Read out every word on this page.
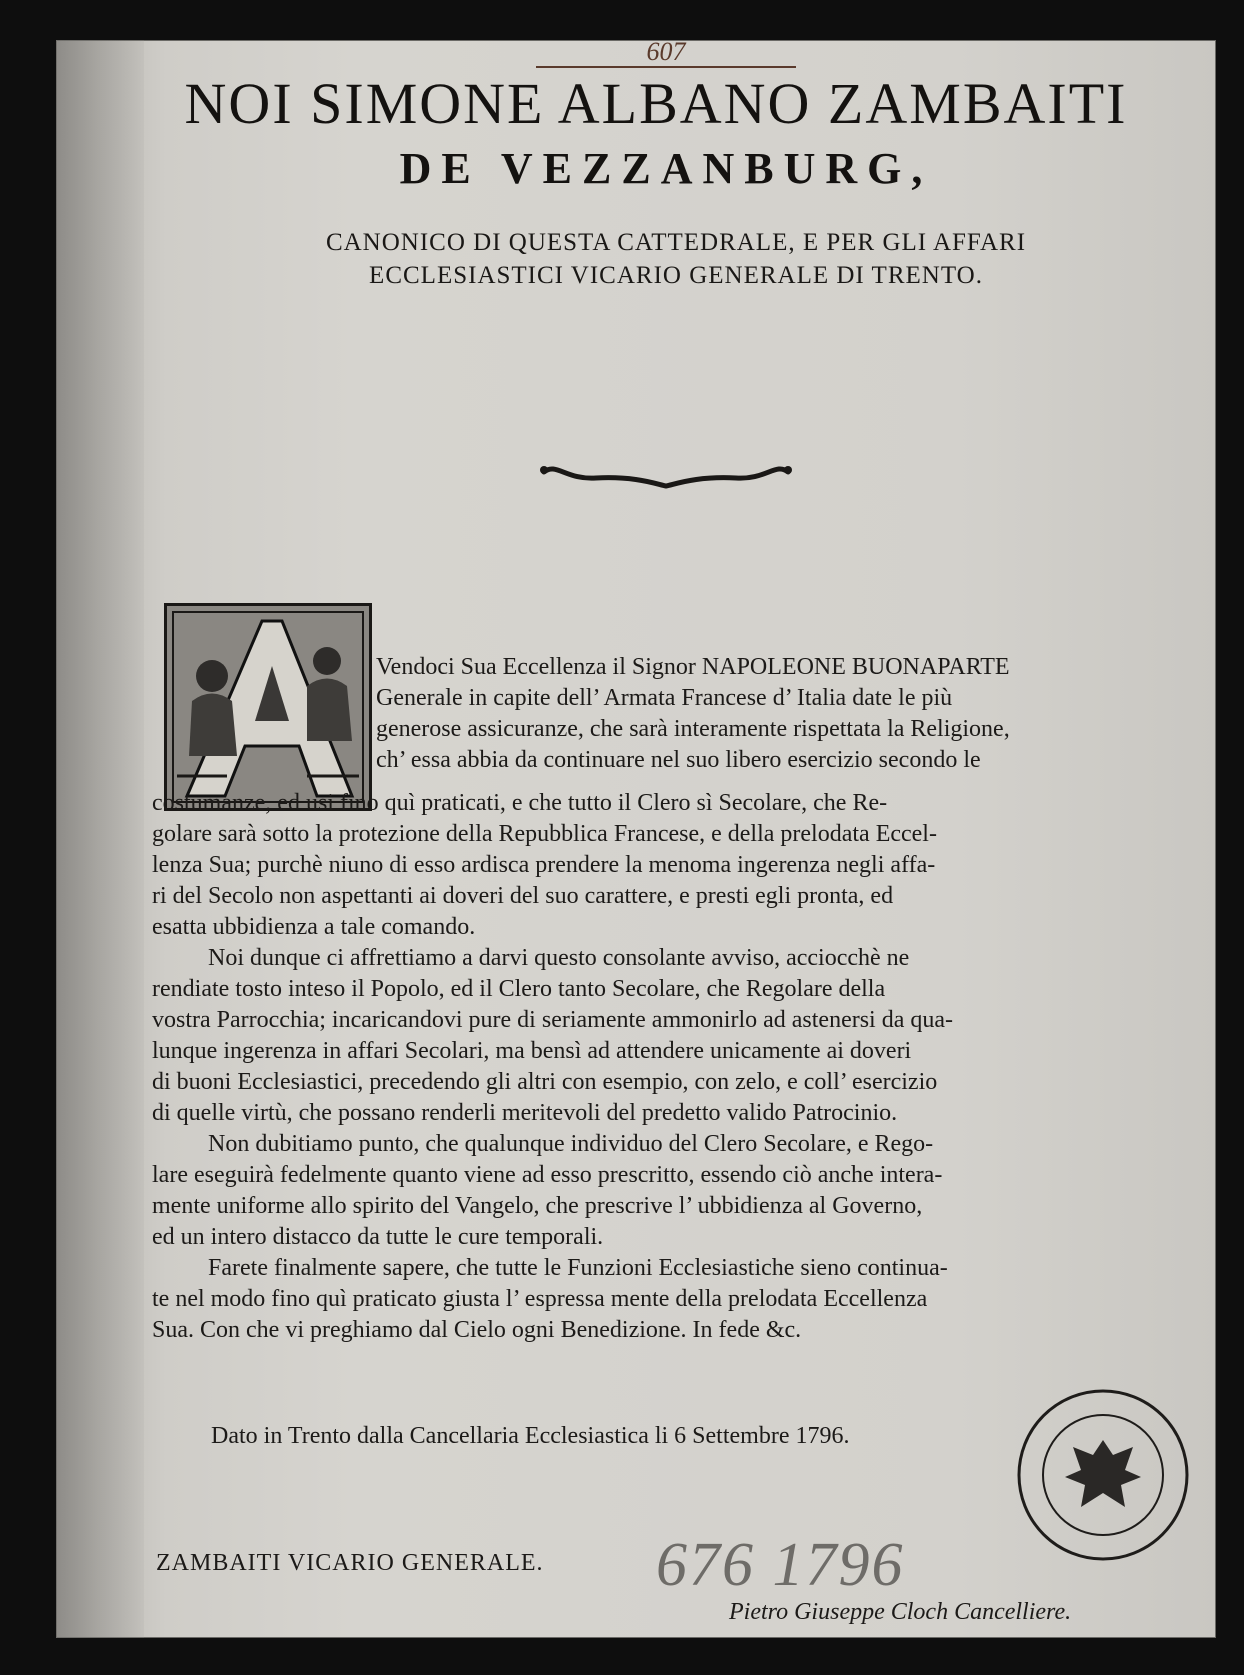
607
NOI SIMONE ALBANO ZAMBAITI
DE VEZZANBURG,
CANONICO DI QUESTA CATTEDRALE, E PER GLI AFFARI
ECCLESIASTICI VICARIO GENERALE DI TRENTO.
Vendoci Sua Eccellenza il Signor NAPOLEONE BUONAPARTE
Generale in capite dell’ Armata Francese d’ Italia date le più
generose assicuranze, che sarà interamente rispettata la Religione,
ch’ essa abbia da continuare nel suo libero esercizio secondo le
costumanze, ed usi fino quì praticati, e che tutto il Clero sì Secolare, che Re-
golare sarà sotto la protezione della Repubblica Francese, e della prelodata Eccel-
lenza Sua; purchè niuno di esso ardisca prendere la menoma ingerenza negli affa-
ri del Secolo non aspettanti ai doveri del suo carattere, e presti egli pronta, ed
esatta ubbidienza a tale comando.
Noi dunque ci affrettiamo a darvi questo consolante avviso, acciocchè ne
rendiate tosto inteso il Popolo, ed il Clero tanto Secolare, che Regolare della
vostra Parrocchia; incaricandovi pure di seriamente ammonirlo ad astenersi da qua-
lunque ingerenza in affari Secolari, ma bensì ad attendere unicamente ai doveri
di buoni Ecclesiastici, precedendo gli altri con esempio, con zelo, e coll’ esercizio
di quelle virtù, che possano renderli meritevoli del predetto valido Patrocinio.
Non dubitiamo punto, che qualunque individuo del Clero Secolare, e Rego-
lare eseguirà fedelmente quanto viene ad esso prescritto, essendo ciò anche intera-
mente uniforme allo spirito del Vangelo, che prescrive l’ ubbidienza al Governo,
ed un intero distacco da tutte le cure temporali.
Farete finalmente sapere, che tutte le Funzioni Ecclesiastiche sieno continua-
te nel modo fino quì praticato giusta l’ espressa mente della prelodata Eccellenza
Sua. Con che vi preghiamo dal Cielo ogni Benedizione. In fede &c.
Dato in Trento dalla Cancellaria Ecclesiastica li 6 Settembre 1796.
ZAMBAITI VICARIO GENERALE. 676 1796
Pietro Giuseppe Cloch Cancelliere.
